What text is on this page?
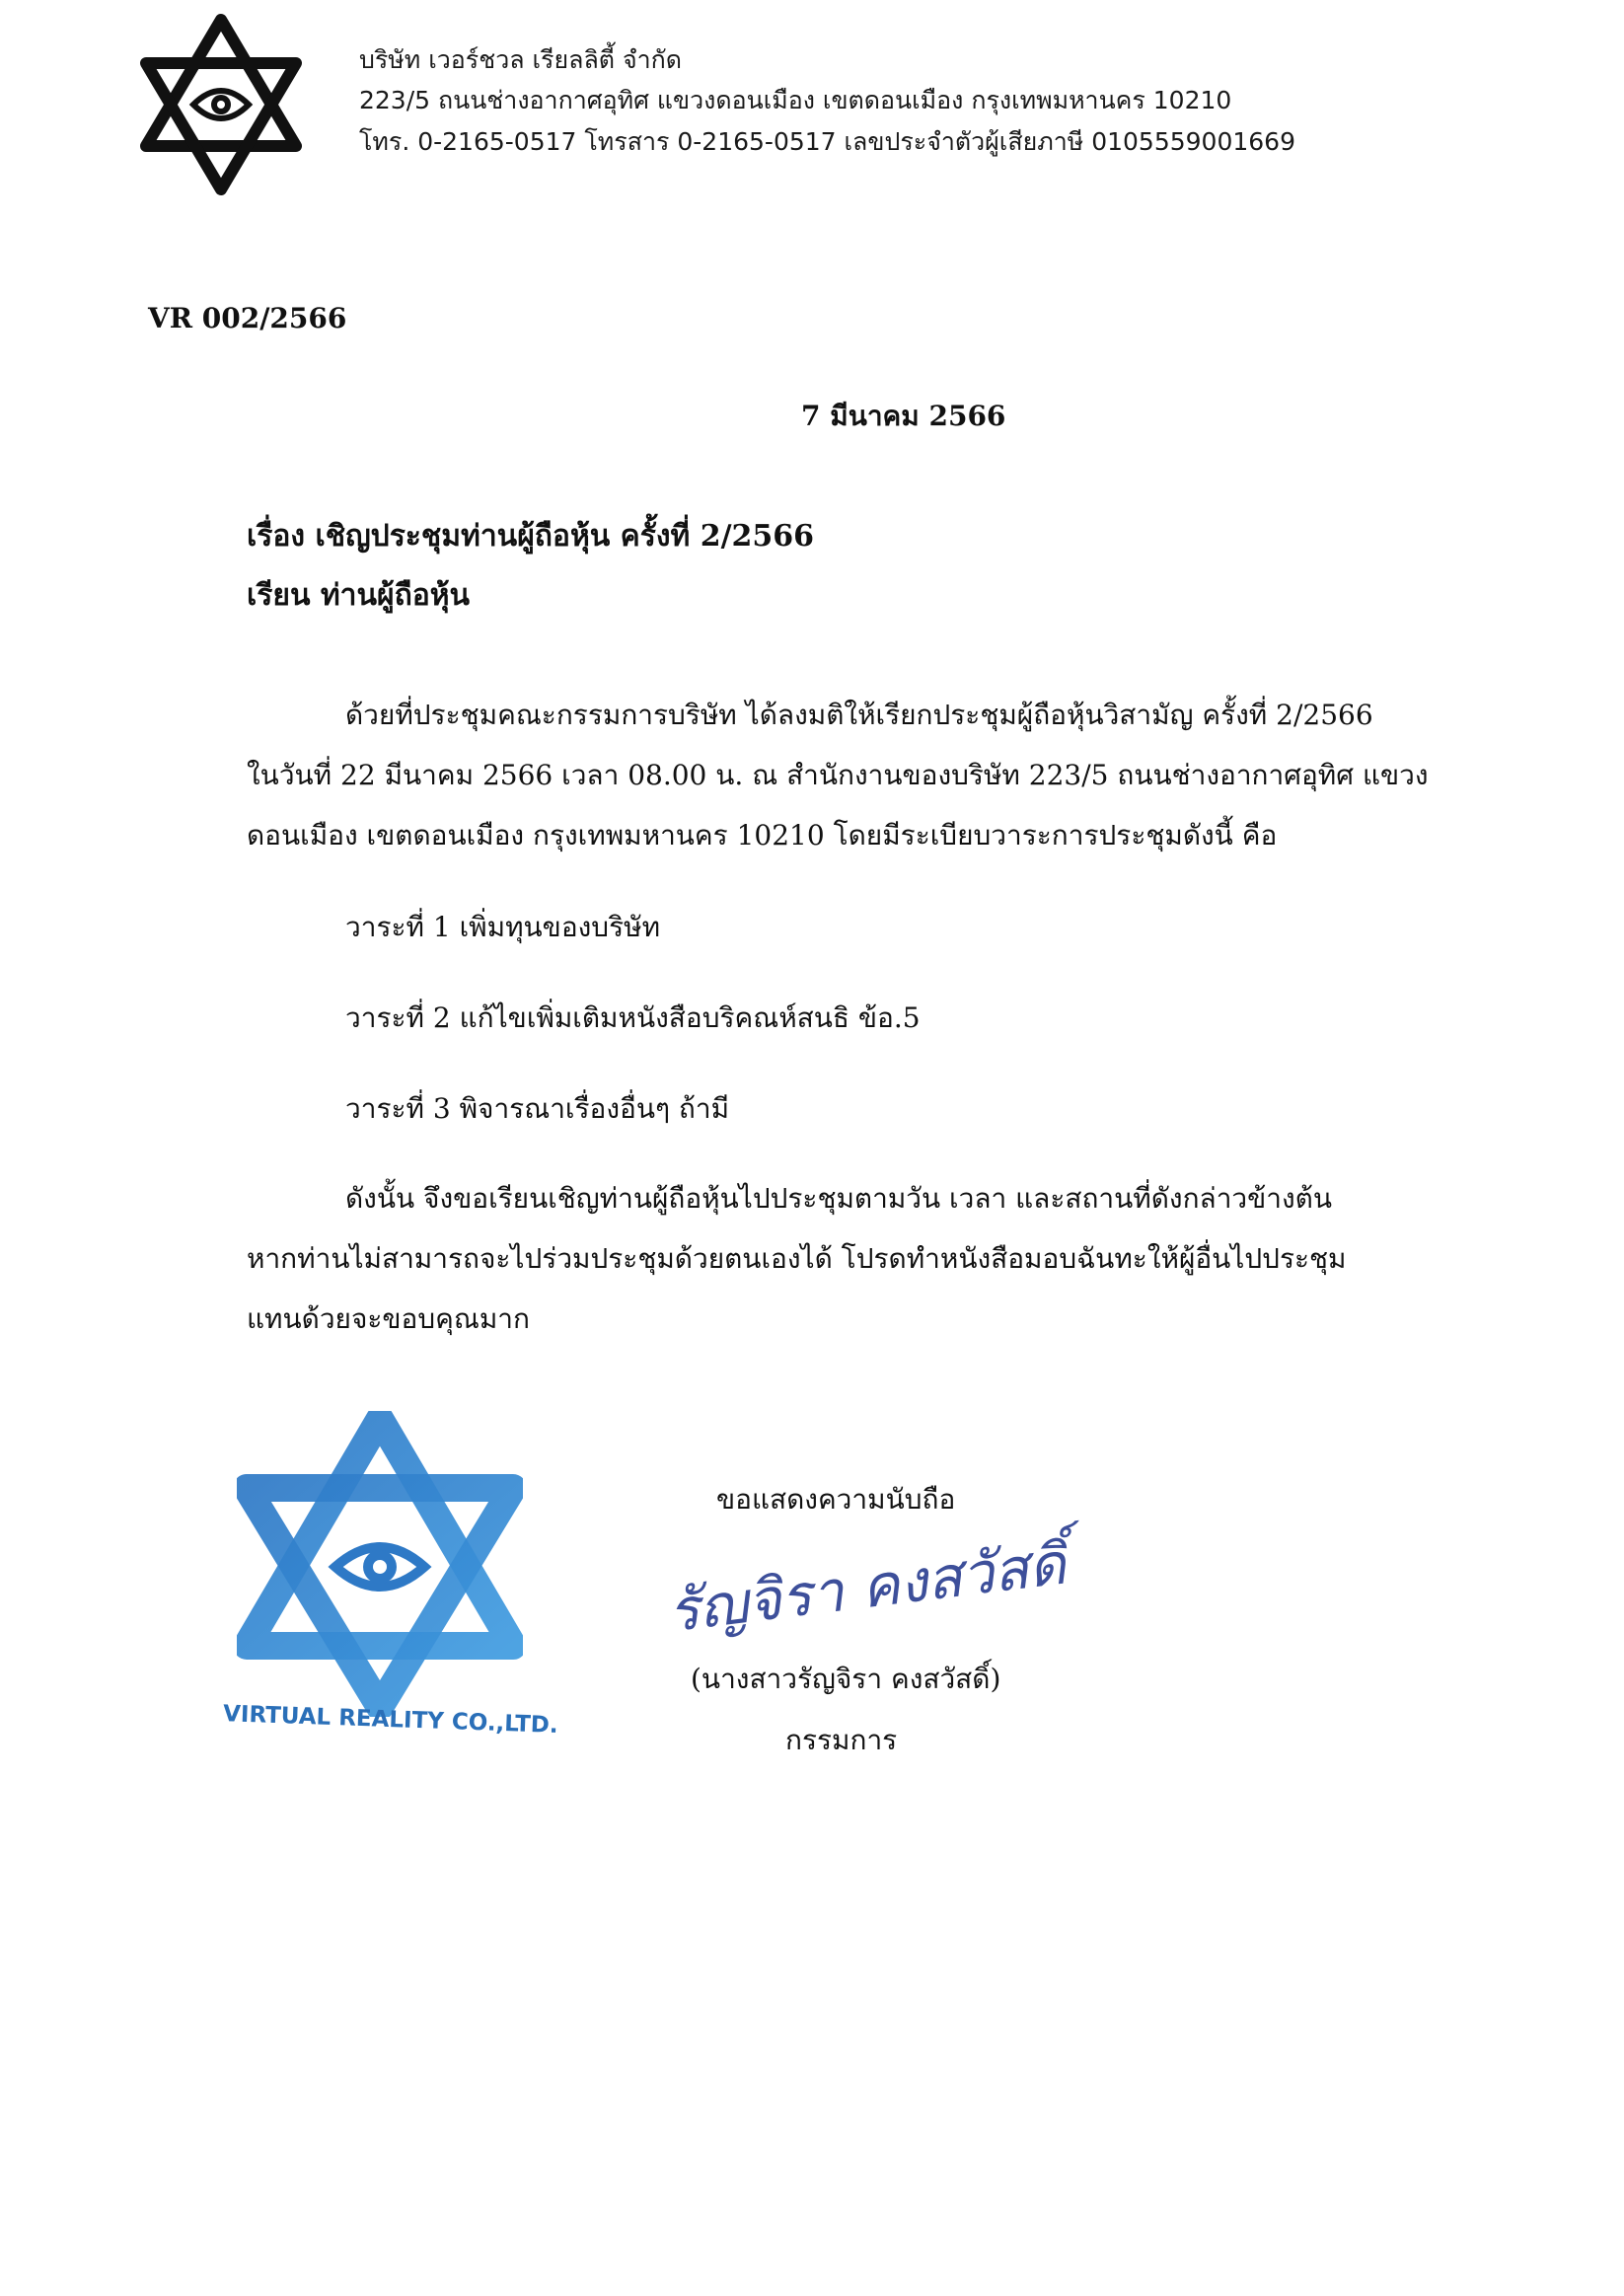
บริษัท เวอร์ชวล เรียลลิตี้ จำกัด
223/5 ถนนช่างอากาศอุทิศ แขวงดอนเมือง เขตดอนเมือง กรุงเทพมหานคร 10210
โทร. 0-2165-0517 โทรสาร 0-2165-0517 เลขประจำตัวผู้เสียภาษี 0105559001669
VR 002/2566
7 มีนาคม 2566
เรื่อง เชิญประชุมท่านผู้ถือหุ้น ครั้งที่ 2/2566
เรียน ท่านผู้ถือหุ้น
ด้วยที่ประชุมคณะกรรมการบริษัท ได้ลงมติให้เรียกประชุมผู้ถือหุ้นวิสามัญ ครั้งที่ 2/2566
ในวันที่ 22 มีนาคม 2566 เวลา 08.00 น. ณ สำนักงานของบริษัท 223/5 ถนนช่างอากาศอุทิศ แขวง
ดอนเมือง เขตดอนเมือง กรุงเทพมหานคร 10210 โดยมีระเบียบวาระการประชุมดังนี้ คือ
วาระที่ 1 เพิ่มทุนของบริษัท
วาระที่ 2 แก้ไขเพิ่มเติมหนังสือบริคณห์สนธิ ข้อ.5
วาระที่ 3 พิจารณาเรื่องอื่นๆ ถ้ามี
ดังนั้น จึงขอเรียนเชิญท่านผู้ถือหุ้นไปประชุมตามวัน เวลา และสถานที่ดังกล่าวข้างต้น
หากท่านไม่สามารถจะไปร่วมประชุมด้วยตนเองได้ โปรดทำหนังสือมอบฉันทะให้ผู้อื่นไปประชุม
แทนด้วยจะขอบคุณมาก
VIRTUAL REALITY CO.,LTD.
ขอแสดงความนับถือ
รัญจิรา คงสวัสดิ์
(นางสาวรัญจิรา คงสวัสดิ์)
กรรมการ
